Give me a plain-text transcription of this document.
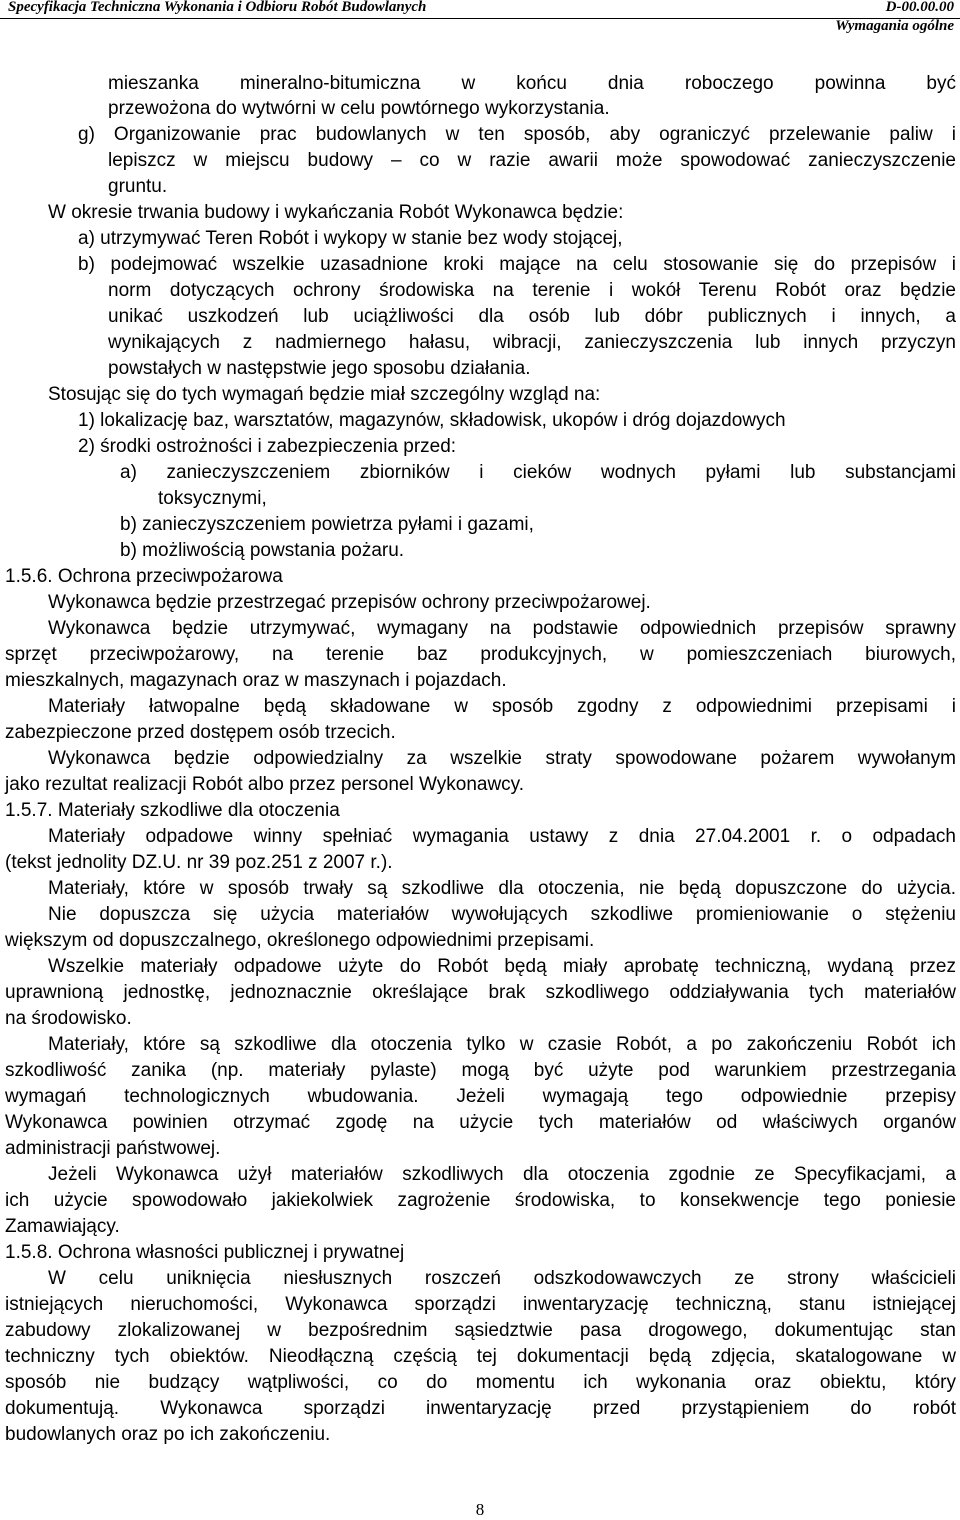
Specyfikacja Techniczna Wykonania i Odbioru Robót Budowlanych	D-00.00.00
Wymagania ogólne
mieszanka mineralno-bitumiczna w końcu dnia roboczego powinna być
przewożona do wytwórni w celu powtórnego wykorzystania.
g) Organizowanie prac budowlanych w ten sposób, aby ograniczyć przelewanie paliw i
lepiszcz w miejscu budowy – co w razie awarii może spowodować zanieczyszczenie
gruntu.
W okresie trwania budowy i wykańczania Robót Wykonawca będzie:
a) utrzymywać Teren Robót i wykopy w stanie bez wody stojącej,
b) podejmować wszelkie uzasadnione kroki mające na celu stosowanie się do przepisów i
norm dotyczących ochrony środowiska na terenie i wokół Terenu Robót oraz będzie
unikać uszkodzeń lub uciążliwości dla osób lub dóbr publicznych i innych, a
wynikających z nadmiernego hałasu, wibracji, zanieczyszczenia lub innych przyczyn
powstałych w następstwie jego sposobu działania.
Stosując się do tych wymagań będzie miał szczególny wzgląd na:
1) lokalizację baz, warsztatów, magazynów, składowisk, ukopów i dróg dojazdowych
2) środki ostrożności i zabezpieczenia przed:
a) zanieczyszczeniem zbiorników i cieków wodnych pyłami lub substancjami
toksycznymi,
b) zanieczyszczeniem powietrza pyłami i gazami,
b) możliwością powstania pożaru.
1.5.6. Ochrona przeciwpożarowa
Wykonawca będzie przestrzegać przepisów ochrony przeciwpożarowej.
Wykonawca będzie utrzymywać, wymagany na podstawie odpowiednich przepisów sprawny
sprzęt przeciwpożarowy, na terenie baz produkcyjnych, w pomieszczeniach biurowych,
mieszkalnych, magazynach oraz w maszynach i pojazdach.
Materiały łatwopalne będą składowane w sposób zgodny z odpowiednimi przepisami i
zabezpieczone przed dostępem osób trzecich.
Wykonawca będzie odpowiedzialny za wszelkie straty spowodowane pożarem wywołanym
jako rezultat realizacji Robót albo przez personel Wykonawcy.
1.5.7. Materiały szkodliwe dla otoczenia
Materiały odpadowe winny spełniać wymagania ustawy z dnia 27.04.2001 r. o odpadach
(tekst jednolity DZ.U. nr 39 poz.251 z 2007 r.).
Materiały, które w sposób trwały są szkodliwe dla otoczenia, nie będą dopuszczone do użycia.
Nie dopuszcza się użycia materiałów wywołujących szkodliwe promieniowanie o stężeniu
większym od dopuszczalnego, określonego odpowiednimi przepisami.
Wszelkie materiały odpadowe użyte do Robót będą miały aprobatę techniczną, wydaną przez
uprawnioną jednostkę, jednoznacznie określające brak szkodliwego oddziaływania tych materiałów
na środowisko.
Materiały, które są szkodliwe dla otoczenia tylko w czasie Robót, a po zakończeniu Robót ich
szkodliwość zanika (np. materiały pylaste) mogą być użyte pod warunkiem przestrzegania
wymagań technologicznych wbudowania. Jeżeli wymagają tego odpowiednie przepisy
Wykonawca powinien otrzymać zgodę na użycie tych materiałów od właściwych organów
administracji państwowej.
Jeżeli Wykonawca użył materiałów szkodliwych dla otoczenia zgodnie ze Specyfikacjami, a
ich użycie spowodowało jakiekolwiek zagrożenie środowiska, to konsekwencje tego poniesie
Zamawiający.
1.5.8. Ochrona własności publicznej i prywatnej
W celu uniknięcia niesłusznych roszczeń odszkodowawczych ze strony właścicieli
istniejących nieruchomości, Wykonawca sporządzi inwentaryzację techniczną, stanu istniejącej
zabudowy zlokalizowanej w bezpośrednim sąsiedztwie pasa drogowego, dokumentując stan
techniczny tych obiektów. Nieodłączną częścią tej dokumentacji będą zdjęcia, skatalogowane w
sposób nie budzący wątpliwości, co do momentu ich wykonania oraz obiektu, który
dokumentują. Wykonawca sporządzi inwentaryzację przed przystąpieniem do robót
budowlanych oraz po ich zakończeniu.
8
